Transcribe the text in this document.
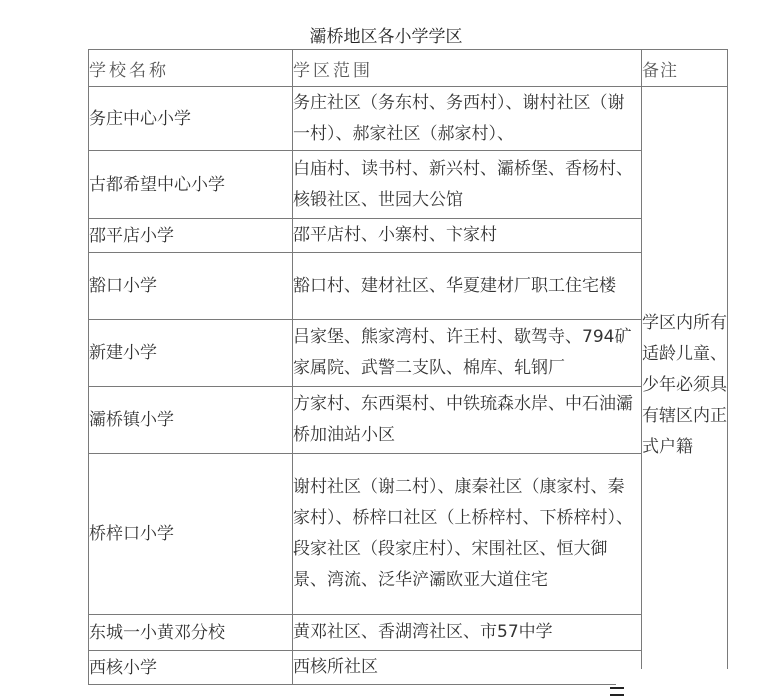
灞桥地区各小学学区
学校名称	学区范围	备注
务庄中心小学	务庄社区（务东村、务西村）、谢村社区（谢一村）、郝家社区（郝家村）、	学区内所有适龄儿童、少年必须具有辖区内正式户籍
古都希望中心小学	白庙村、读书村、新兴村、灞桥堡、香杨村、核锻社区、世园大公馆	
邵平店小学	邵平店村、小寨村、卞家村	
豁口小学	豁口村、建材社区、华夏建材厂职工住宅楼	
新建小学	吕家堡、熊家湾村、许王村、歇驾寺、794矿家属院、武警二支队、棉库、轧钢厂	
灞桥镇小学	方家村、东西渠村、中铁琉森水岸、中石油灞桥加油站小区	
桥梓口小学	谢村社区（谢二村）、康秦社区（康家村、秦家村）、桥梓口社区（上桥梓村、下桥梓村）、段家社区（段家庄村）、宋围社区、恒大御景、湾流、泛华浐灞欧亚大道住宅	
东城一小黄邓分校	黄邓社区、香湖湾社区、市57中学	
西核小学	西核所社区	
